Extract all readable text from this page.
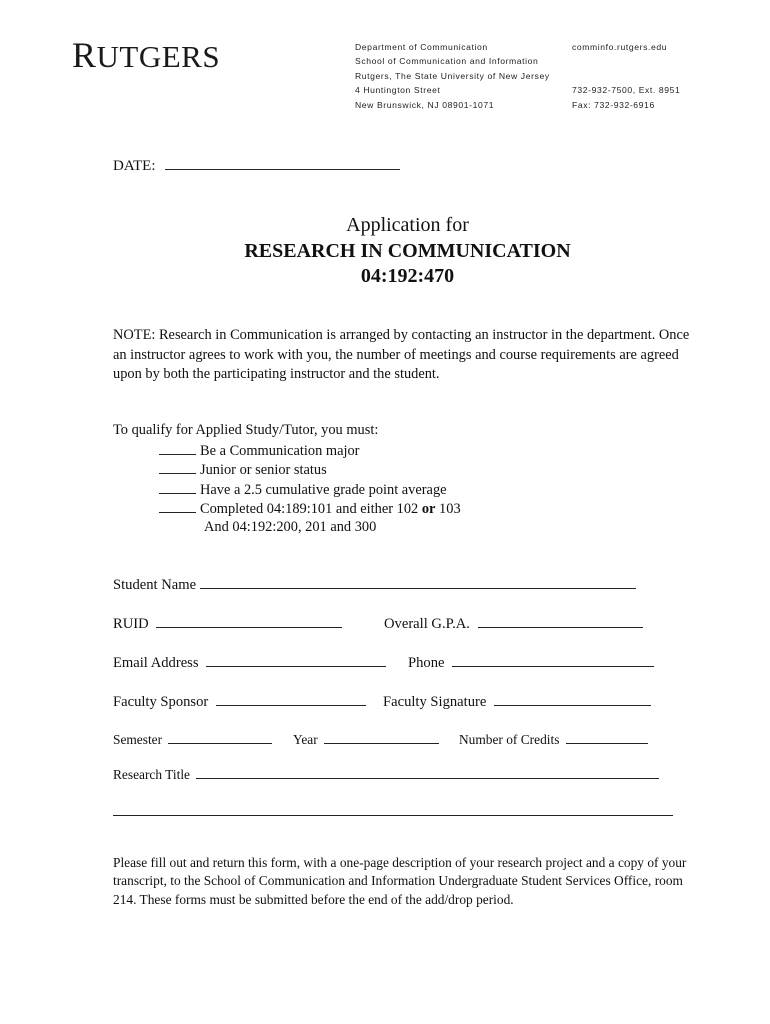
RUTGERS	Department of Communication
School of Communication and Information
Rutgers, The State University of New Jersey
4 Huntington Street
New Brunswick, NJ 08901-1071
comminfo.rutgers.edu
732-932-7500, Ext. 8951
Fax: 732-932-6916
DATE:
Application for
RESEARCH IN COMMUNICATION
04:192:470
NOTE: Research in Communication is arranged by contacting an instructor in the department. Once an instructor agrees to work with you, the number of meetings and course requirements are agreed upon by both the participating instructor and the student.
To qualify for Applied Study/Tutor, you must:
Be a Communication major
Junior or senior status
Have a 2.5 cumulative grade point average
Completed 04:189:101 and either 102 or 103
And 04:192:200, 201 and 300
Student Name
RUID	Overall G.P.A.
Email Address	Phone
Faculty Sponsor	Faculty Signature
Semester	Year	Number of Credits
Research Title
Please fill out and return this form, with a one-page description of your research project and a copy of your transcript, to the School of Communication and Information Undergraduate Student Services Office, room 214. These forms must be submitted before the end of the add/drop period.
